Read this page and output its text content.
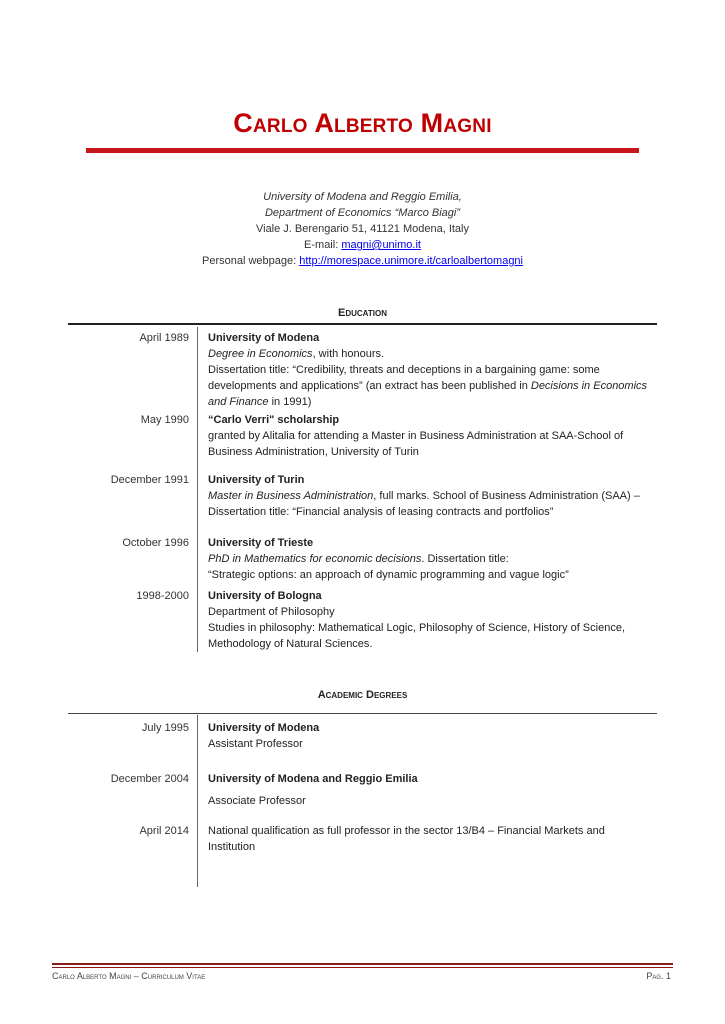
Carlo Alberto Magni
University of Modena and Reggio Emilia,
Department of Economics “Marco Biagi”
Viale J. Berengario 51, 41121 Modena, Italy
E-mail: magni@unimo.it
Personal webpage: http://morespace.unimore.it/carloalbertomagni
Education
April 1989 University of Modena
Degree in Economics, with honours.
Dissertation title: “Credibility, threats and deceptions in a bargaining game: some developments and applications” (an extract has been published in Decisions in Economics and Finance in 1991)
May 1990 “Carlo Verri" scholarship
granted by Alitalia for attending a Master in Business Administration at SAA-School of Business Administration, University of Turin
December 1991 University of Turin
Master in Business Administration, full marks. School of Business Administration (SAA) – Dissertation title: “Financial analysis of leasing contracts and portfolios”
October 1996 University of Trieste
PhD in Mathematics for economic decisions. Dissertation title:
“Strategic options: an approach of dynamic programming and vague logic”
1998-2000 University of Bologna
Department of Philosophy
Studies in philosophy: Mathematical Logic, Philosophy of Science, History of Science, Methodology of Natural Sciences.
Academic Degrees
July 1995 University of Modena
Assistant Professor
December 2004 University of Modena and Reggio Emilia
Associate Professor
April 2014 National qualification as full professor in the sector 13/B4 – Financial Markets and Institution
Carlo Alberto Magni – Curriculum Vitae	Pag. 1
